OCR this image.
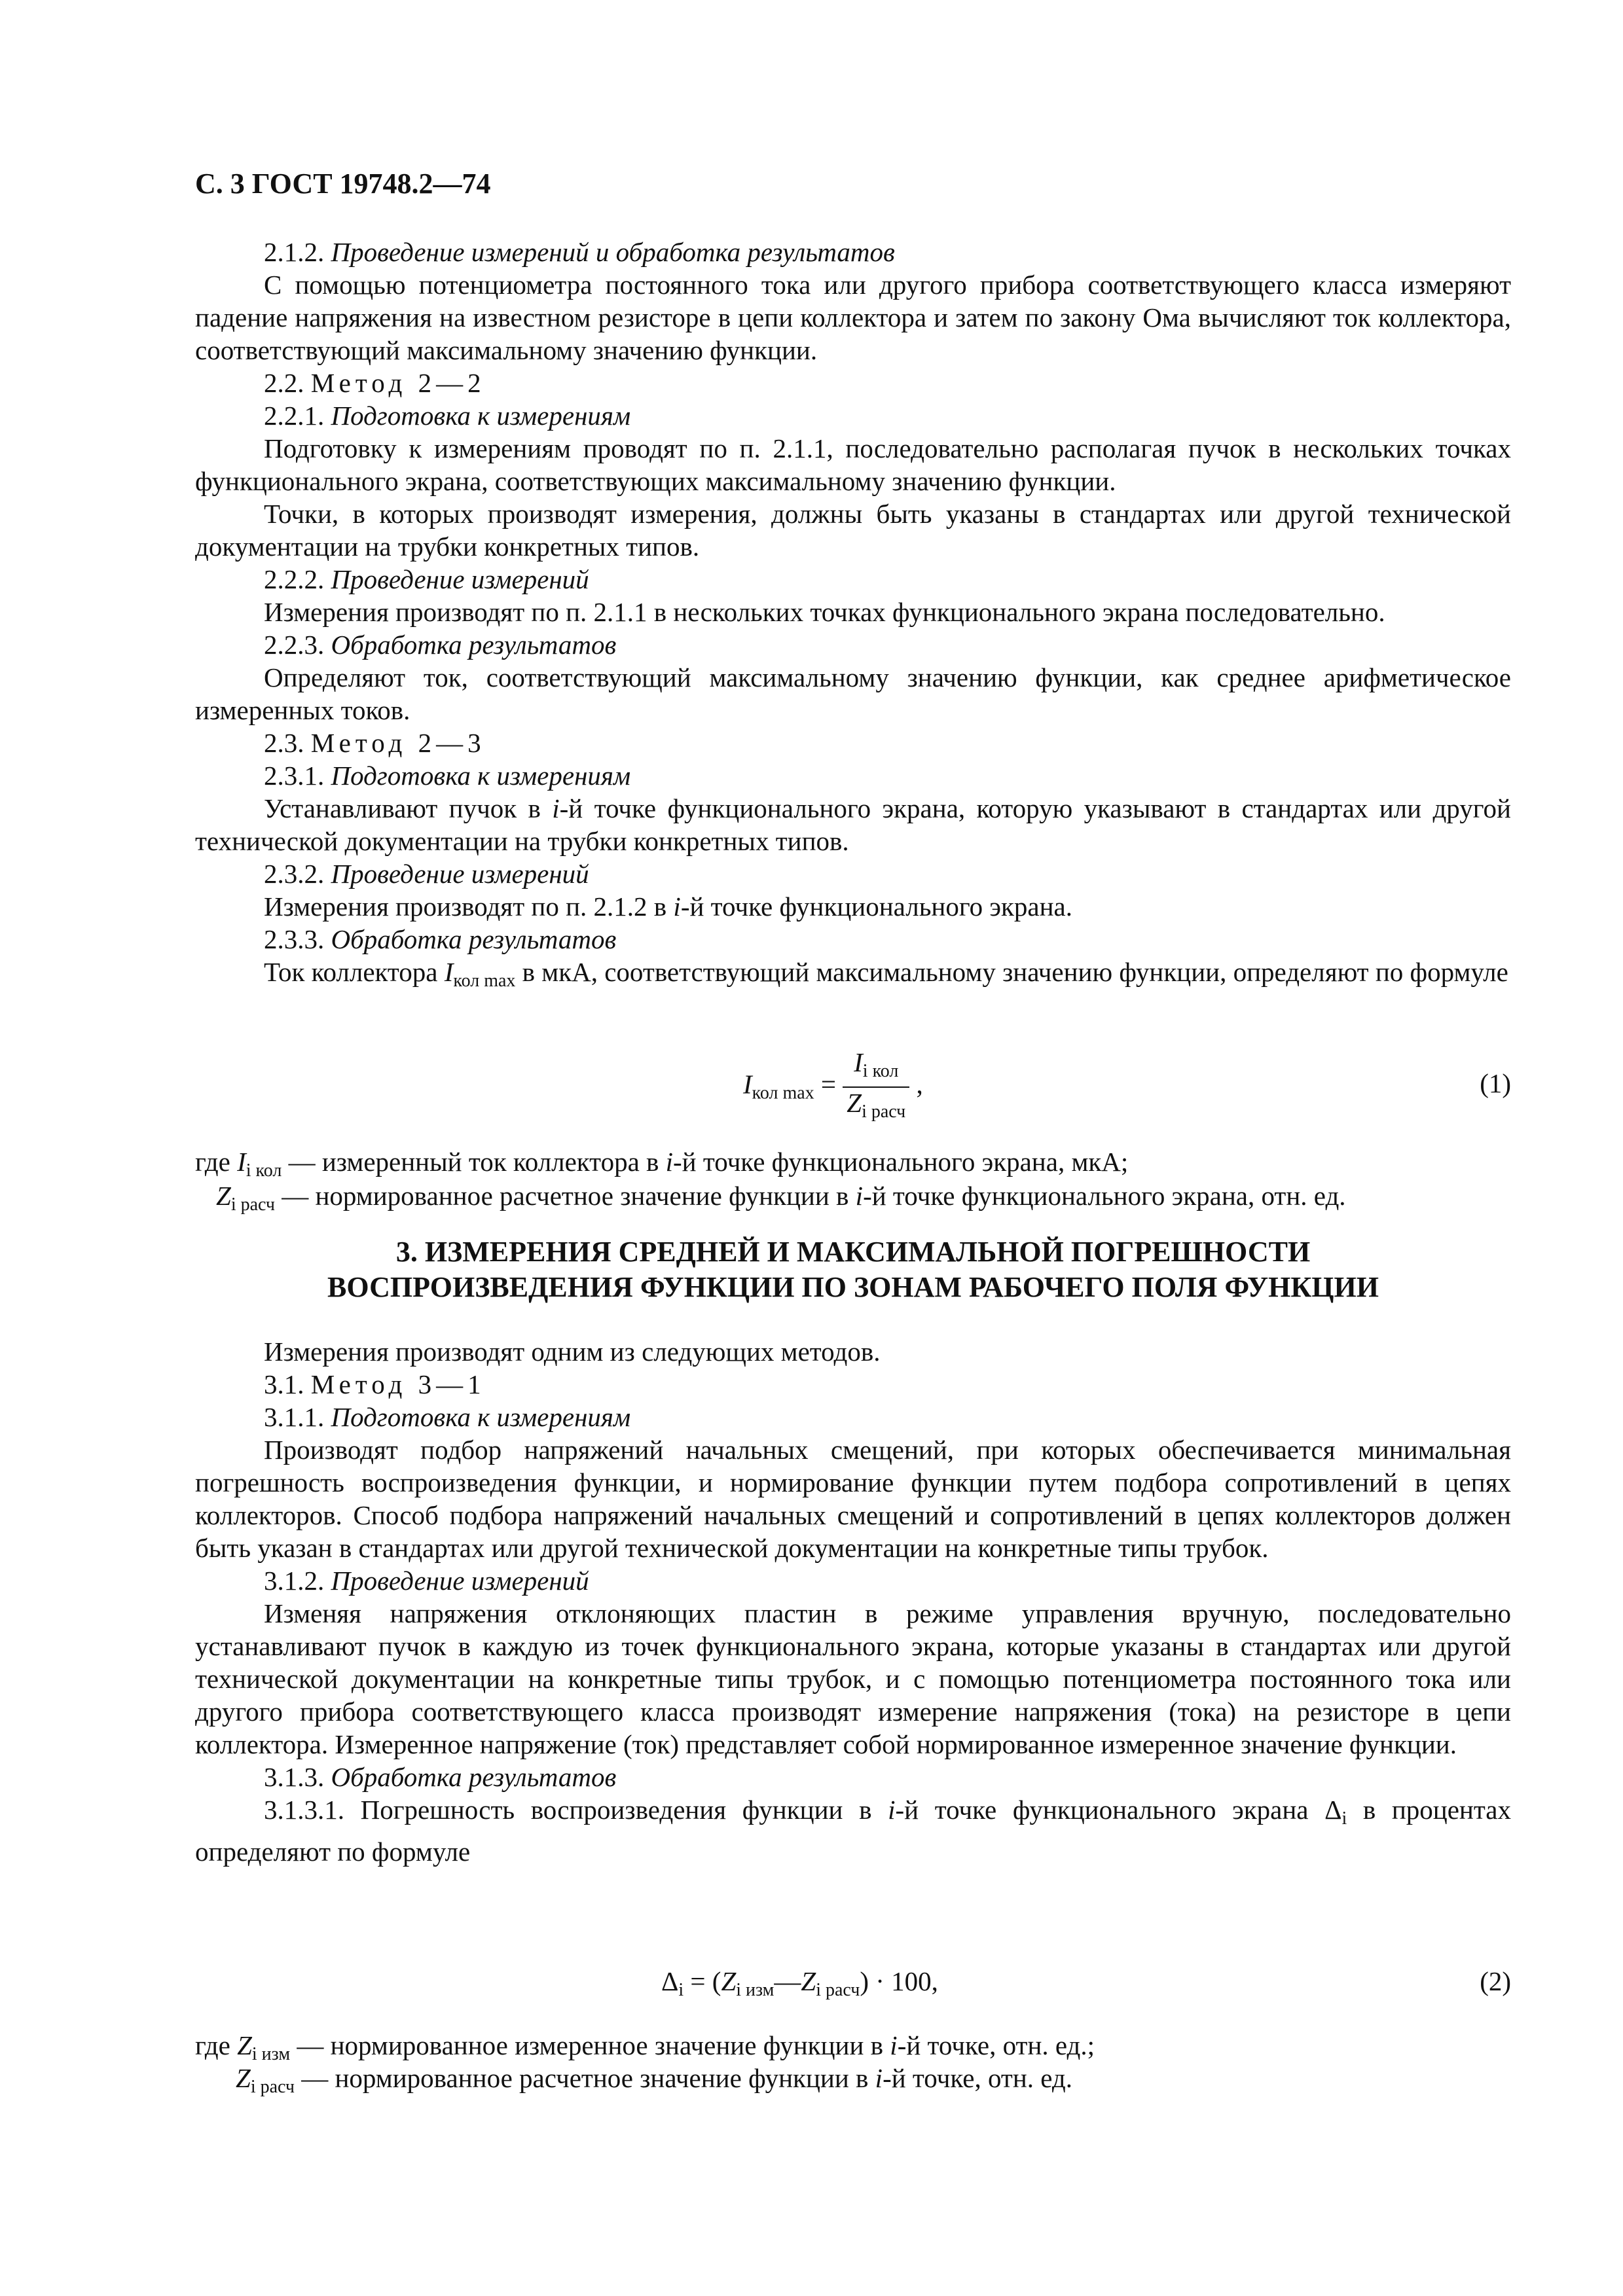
С. 3 ГОСТ 19748.2—74

2.1.2. Проведение измерений и обработка результатов

С помощью потенциометра постоянного тока или другого прибора соответствующего класса измеряют падение напряжения на известном резисторе в цепи коллектора и затем по закону Ома вычисляют ток коллектора, соответствующий максимальному значению функции.

2.2. Метод 2—2

2.2.1. Подготовка к измерениям

Подготовку к измерениям проводят по п. 2.1.1, последовательно располагая пучок в нескольких точках функционального экрана, соответствующих максимальному значению функции.

Точки, в которых производят измерения, должны быть указаны в стандартах или другой технической документации на трубки конкретных типов.

2.2.2. Проведение измерений

Измерения производят по п. 2.1.1 в нескольких точках функционального экрана последовательно.

2.2.3. Обработка результатов

Определяют ток, соответствующий максимальному значению функции, как среднее арифметическое измеренных токов.

2.3. Метод 2—3

2.3.1. Подготовка к измерениям

Устанавливают пучок в i-й точке функционального экрана, которую указывают в стандартах или другой технической документации на трубки конкретных типов.

2.3.2. Проведение измерений

Измерения производят по п. 2.1.2 в i-й точке функционального экрана.

2.3.3. Обработка результатов

Ток коллектора $I_{кол max}$ в мкА, соответствующий максимальному значению функции, определяют по формуле

$I_{кол max} = \frac{I_{i кол}}{Z_{i расч}}$ ,	(1)
где $I_{i кол}$ — измеренный ток коллектора в i-й точке функционального экрана, мкА;
$Z_{i расч}$ — нормированное расчетное значение функции в i-й точке функционального экрана, отн. ед.
3. ИЗМЕРЕНИЯ СРЕДНЕЙ И МАКСИМАЛЬНОЙ ПОГРЕШНОСТИ
ВОСПРОИЗВЕДЕНИЯ ФУНКЦИИ ПО ЗОНАМ РАБОЧЕГО ПОЛЯ ФУНКЦИИ

Измерения производят одним из следующих методов.

3.1. Метод 3—1

3.1.1. Подготовка к измерениям

Производят подбор напряжений начальных смещений, при которых обеспечивается минимальная погрешность воспроизведения функции, и нормирование функции путем подбора сопротивлений в цепях коллекторов. Способ подбора напряжений начальных смещений и сопротивлений в цепях коллекторов должен быть указан в стандартах или другой технической документации на конкретные типы трубок.

3.1.2. Проведение измерений

Изменяя напряжения отклоняющих пластин в режиме управления вручную, последовательно устанавливают пучок в каждую из точек функционального экрана, которые указаны в стандартах или другой технической документации на конкретные типы трубок, и с помощью потенциометра постоянного тока или другого прибора соответствующего класса производят измерение напряжения (тока) на резисторе в цепи коллектора. Измеренное напряжение (ток) представляет собой нормированное измеренное значение функции.

3.1.3. Обработка результатов

3.1.3.1. Погрешность воспроизведения функции в i-й точке функционального экрана $\Delta_i$ в процентах определяют по формуле

$\Delta_i$ = $(Z_{i изм}—Z_{i расч}) \cdot 100$,	(2)
где $Z_{i изм}$ — нормированное измеренное значение функции в i-й точке, отн. ед.;
$Z_{i расч}$ — нормированное расчетное значение функции в i-й точке, отн. ед.
